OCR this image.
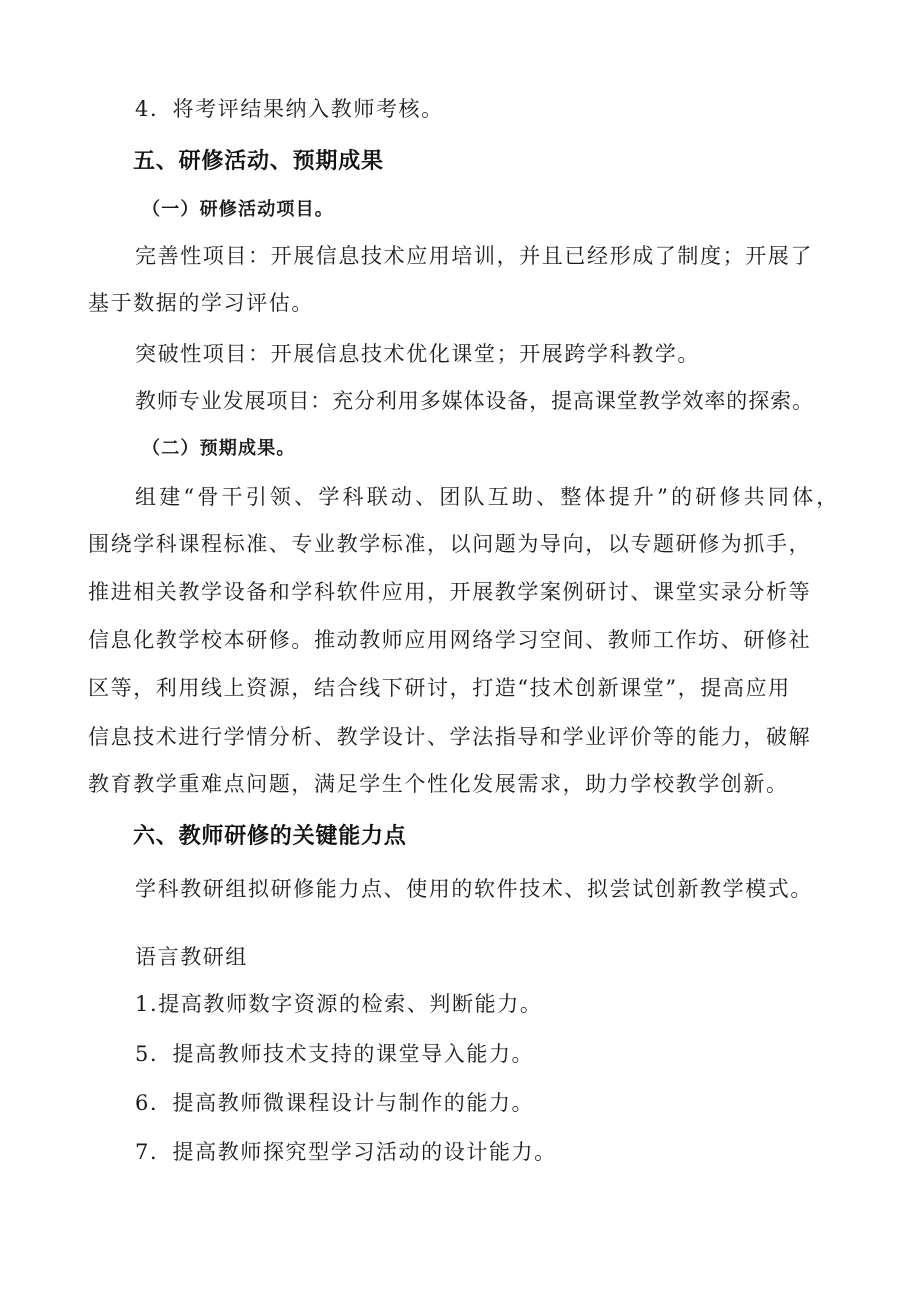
4．将考评结果纳入教师考核。

五、研修活动、预期成果
（一）研修活动项目。

完善性项目：开展信息技术应用培训，并且已经形成了制度；开展了

基于数据的学习评估。

突破性项目：开展信息技术优化课堂；开展跨学科教学。

教师专业发展项目：充分利用多媒体设备，提高课堂教学效率的探索。

（二）预期成果。

组建“骨干引领、学科联动、团队互助、整体提升”的研修共同体，

围绕学科课程标准、专业教学标准，以问题为导向，以专题研修为抓手，

推进相关教学设备和学科软件应用，开展教学案例研讨、课堂实录分析等

信息化教学校本研修。推动教师应用网络学习空间、教师工作坊、研修社

区等，利用线上资源，结合线下研讨，打造“技术创新课堂”，提高应用

信息技术进行学情分析、教学设计、学法指导和学业评价等的能力，破解

教育教学重难点问题，满足学生个性化发展需求，助力学校教学创新。

六、教师研修的关键能力点

学科教研组拟研修能力点、使用的软件技术、拟尝试创新教学模式。

语言教研组

1.提高教师数字资源的检索、判断能力。

5．提高教师技术支持的课堂导入能力。

6．提高教师微课程设计与制作的能力。

7．提高教师探究型学习活动的设计能力。
